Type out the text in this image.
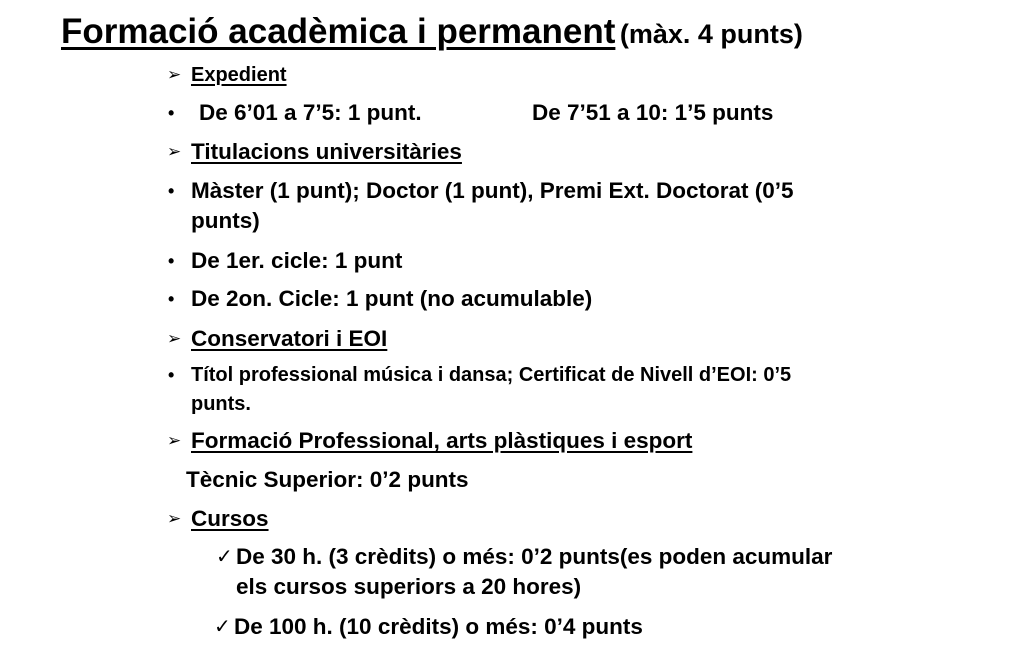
Formació acadèmica i permanent (màx. 4 punts)
➢ Expedient
• De 6’01 a 7’5: 1 punt.	De 7’51 a 10: 1’5 punts
➢ Titulacions universitàries
• Màster (1 punt); Doctor (1 punt), Premi Ext. Doctorat (0’5
punts)
• De 1er. cicle: 1 punt
• De 2on. Cicle: 1 punt (no acumulable)
➢ Conservatori i EOI
• Títol professional música i dansa; Certificat de Nivell d’EOI: 0’5
punts.
➢ Formació Professional, arts plàstiques i esport
Tècnic Superior: 0’2 punts
➢ Cursos
✓ De 30 h. (3 crèdits) o més: 0’2 punts(es poden acumular
els cursos superiors a 20 hores)
✓ De 100 h. (10 crèdits) o més: 0’4 punts
